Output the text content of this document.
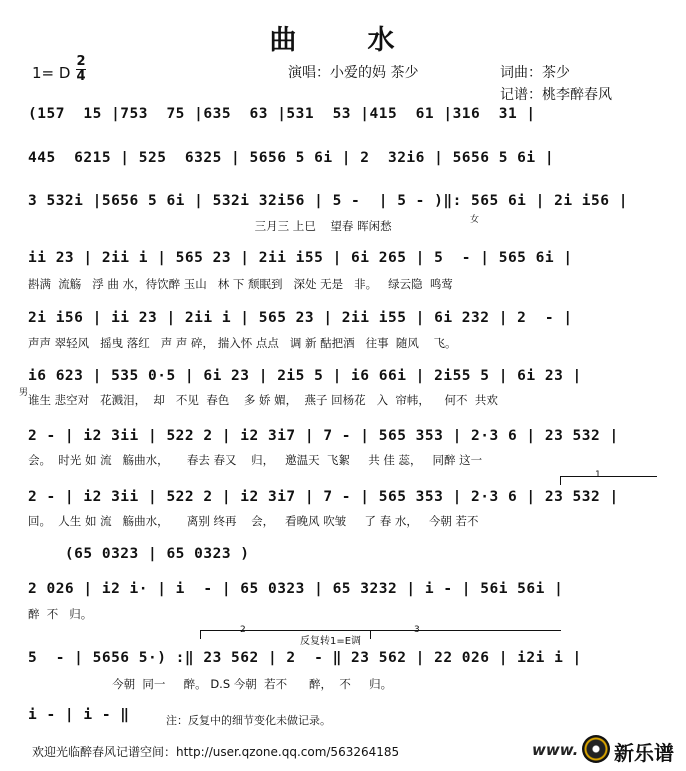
曲　水
1= D
2
4	演唱：小爱的妈 茶少	词曲：茶少
记谱：桃李醉春风
(157  15 |753  75 |635  63 |531  53 |415  61 |316  31 |
445  6215 | 525  6325 | 5656 5 6i | 2  32i6 | 5656 5 6i |
3 532i |5656 5 6i | 532i 32i56 | 5 -  | 5 - )‖: 565 6i | 2i i56 |
三月三 上巳    望春 晖闲愁	女
ii 23 | 2ii i | 565 23 | 2ii i55 | 6i 265 | 5  - | 565 6i |
斟满  流觞   浮 曲 水，待饮醉 玉山   林 下 颓眠到   深处 无是   非。   绿云隐  鸣莺
2i i56 | ii 23 | 2ii i | 565 23 | 2ii i55 | 6i 232 | 2  - |
声声 翠轻风   摇曳 落红   声 声 碎， 揣入怀 点点   调 新 酤把酒   往事  随风    飞。
i6 623 | 535 0·5 | 6i 23 | 2i5 5 | i6 66i | 2i55 5 | 6i 23 |
谁生 悲空对   花溅泪，  却   不见  春色    多 娇 媚，  燕子 回杨花   入  帘帏，    何不  共欢
男
2 - | i2 3ii | 522 2 | i2 3i7 | 7 - | 565 353 | 2·3 6 | 23 532 |
会。  时光 如 流   觞曲水，     春去 春又    归，   邀温天  飞絮     共 佳 蕊，   同醉 这一
1
2 - | i2 3ii | 522 2 | i2 3i7 | 7 - | 565 353 | 2·3 6 | 23 532 |
回。  人生 如 流   觞曲水，     离别 终再    会，   看晚风 吹皱     了 春 水，   今朝 若不
(65 0323 | 65 0323 )
2 026 | i2 i· | i  - | 65 0323 | 65 3232 | i - | 56i 56i |
醉  不   归。
2	3
反复转1=E调
5  - | 5656 5·) :‖ 23 562 | 2  - ‖ 23 562 | 22 026 | i2i i |
今朝  同一     醉。 D.S 今朝  若不      醉，  不     归。
i - | i - ‖	注：反复中的细节变化未做记录。
欢迎光临醉春风记谱空间：http://user.qzone.qq.com/563264185	www. 新乐谱
